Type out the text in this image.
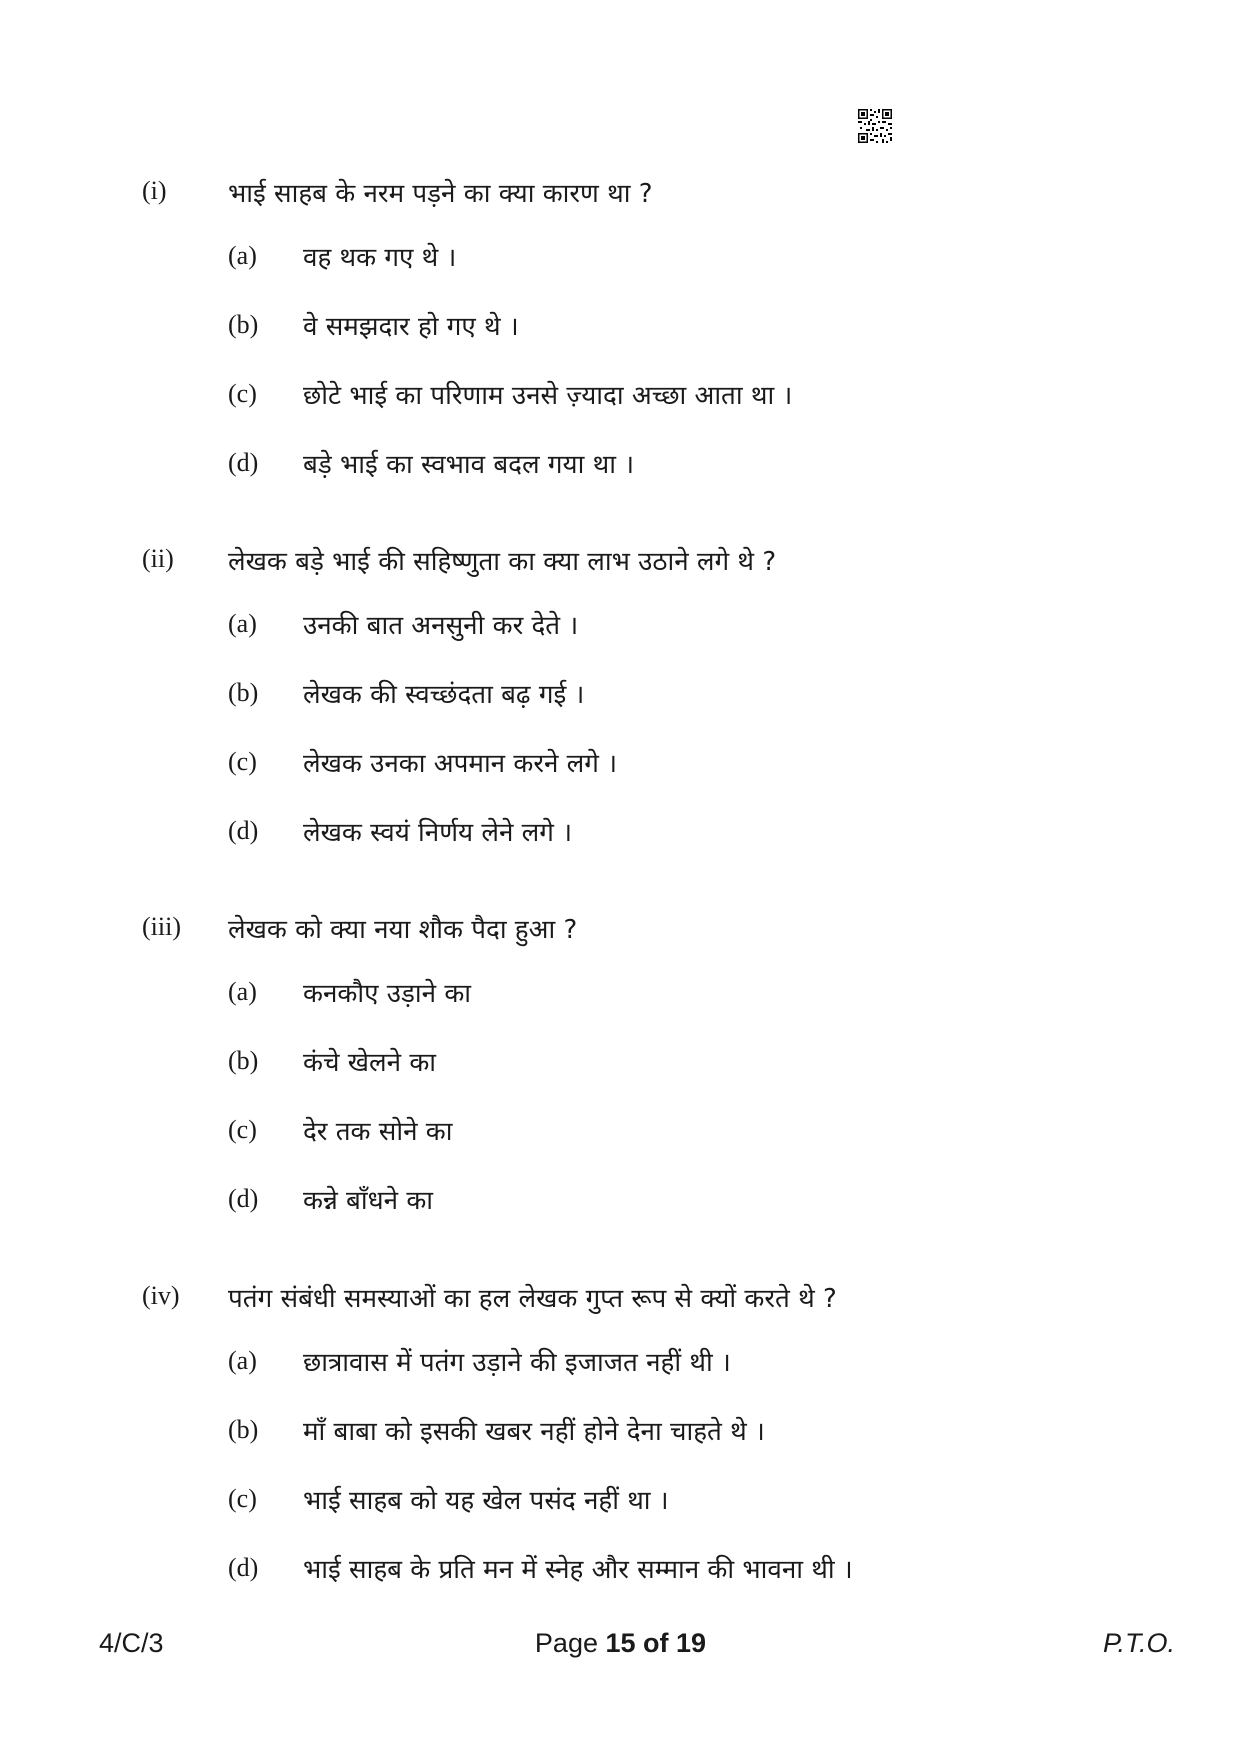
(i) भाई साहब के नरम पड़ने का क्या कारण था ?
(a) वह थक गए थे ।
(b) वे समझदार हो गए थे ।
(c) छोटे भाई का परिणाम उनसे ज़्यादा अच्छा आता था ।
(d) बड़े भाई का स्वभाव बदल गया था ।
(ii) लेखक बड़े भाई की सहिष्णुता का क्या लाभ उठाने लगे थे ?
(a) उनकी बात अनसुनी कर देते ।
(b) लेखक की स्वच्छंदता बढ़ गई ।
(c) लेखक उनका अपमान करने लगे ।
(d) लेखक स्वयं निर्णय लेने लगे ।
(iii) लेखक को क्या नया शौक पैदा हुआ ?
(a) कनकौए उड़ाने का
(b) कंचे खेलने का
(c) देर तक सोने का
(d) कन्ने बाँधने का
(iv) पतंग संबंधी समस्याओं का हल लेखक गुप्त रूप से क्यों करते थे ?
(a) छात्रावास में पतंग उड़ाने की इजाजत नहीं थी ।
(b) माँ बाबा को इसकी खबर नहीं होने देना चाहते थे ।
(c) भाई साहब को यह खेल पसंद नहीं था ।
(d) भाई साहब के प्रति मन में स्नेह और सम्मान की भावना थी ।
4/C/3	Page 15 of 19	P.T.O.
